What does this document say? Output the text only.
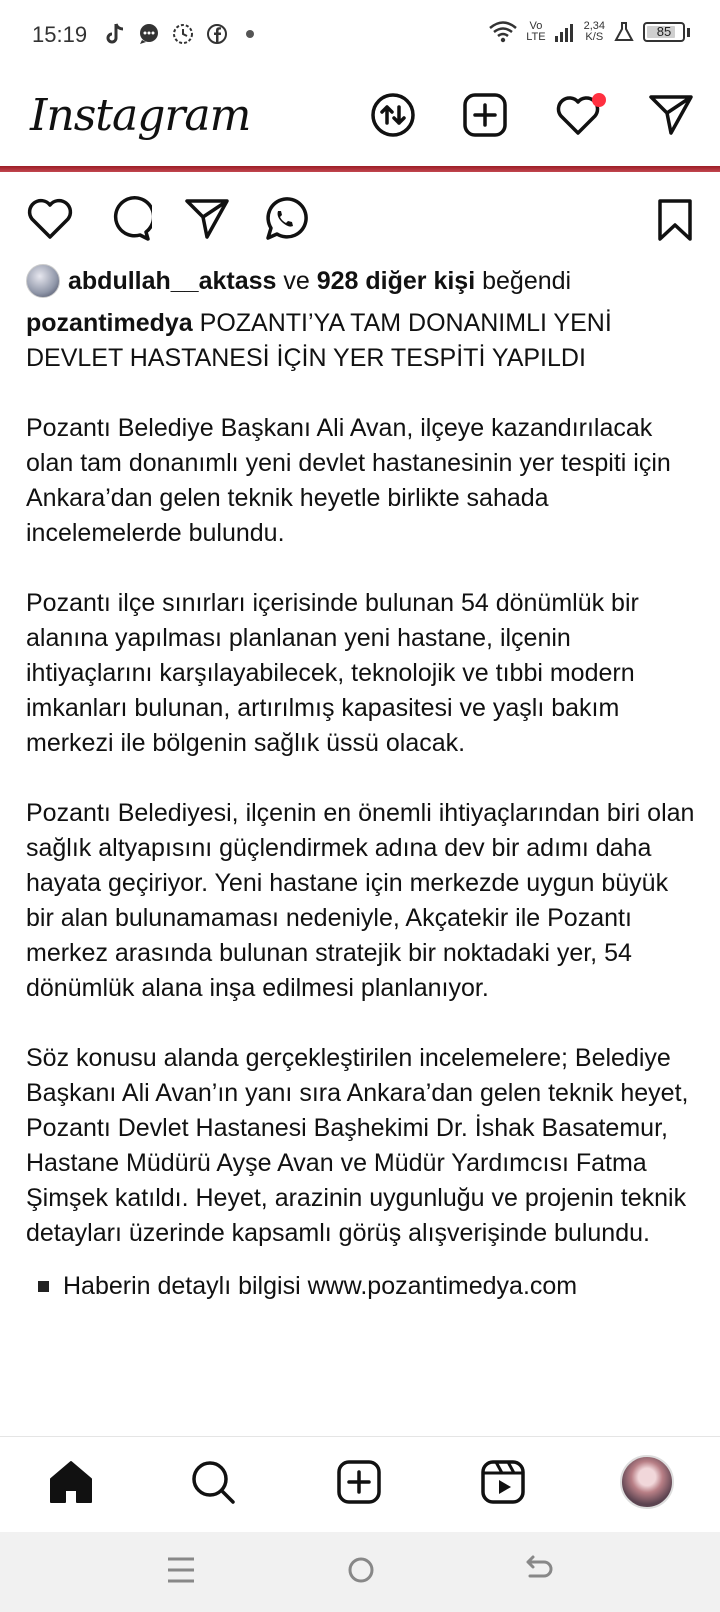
15:19	Vo
LTE
2,34
K/S	85
Instagram
abdullah__aktass ve 928 diğer kişi beğendi

pozantimedya POZANTI’YA TAM DONANIMLI YENİ DEVLET HASTANESİ İÇİN YER TESPİTİ YAPILDI

Pozantı Belediye Başkanı Ali Avan, ilçeye kazandırılacak olan tam donanımlı yeni devlet hastanesinin yer tespiti için Ankara’dan gelen teknik heyetle birlikte sahada incelemelerde bulundu.

Pozantı ilçe sınırları içerisinde bulunan 54 dönümlük bir alanına yapılması planlanan yeni hastane, ilçenin ihtiyaçlarını karşılayabilecek, teknolojik ve tıbbi modern imkanları bulunan, artırılmış kapasitesi ve yaşlı bakım merkezi ile bölgenin sağlık üssü olacak.

Pozantı Belediyesi, ilçenin en önemli ihtiyaçlarından biri olan sağlık altyapısını güçlendirmek adına dev bir adımı daha hayata geçiriyor. Yeni hastane için merkezde uygun büyük bir alan bulunamaması nedeniyle, Akçatekir ile Pozantı merkez arasında bulunan stratejik bir noktadaki yer, 54 dönümlük alana inşa edilmesi planlanıyor.

Söz konusu alanda gerçekleştirilen incelemelere; Belediye Başkanı Ali Avan’ın yanı sıra Ankara’dan gelen teknik heyet, Pozantı Devlet Hastanesi Başhekimi Dr. İshak Basatemur, Hastane Müdürü Ayşe Avan ve Müdür Yardımcısı Fatma Şimşek katıldı. Heyet, arazinin uygunluğu ve projenin teknik detayları üzerinde kapsamlı görüş alışverişinde bulundu.

Haberin detaylı bilgisi www.pozantimedya.com
